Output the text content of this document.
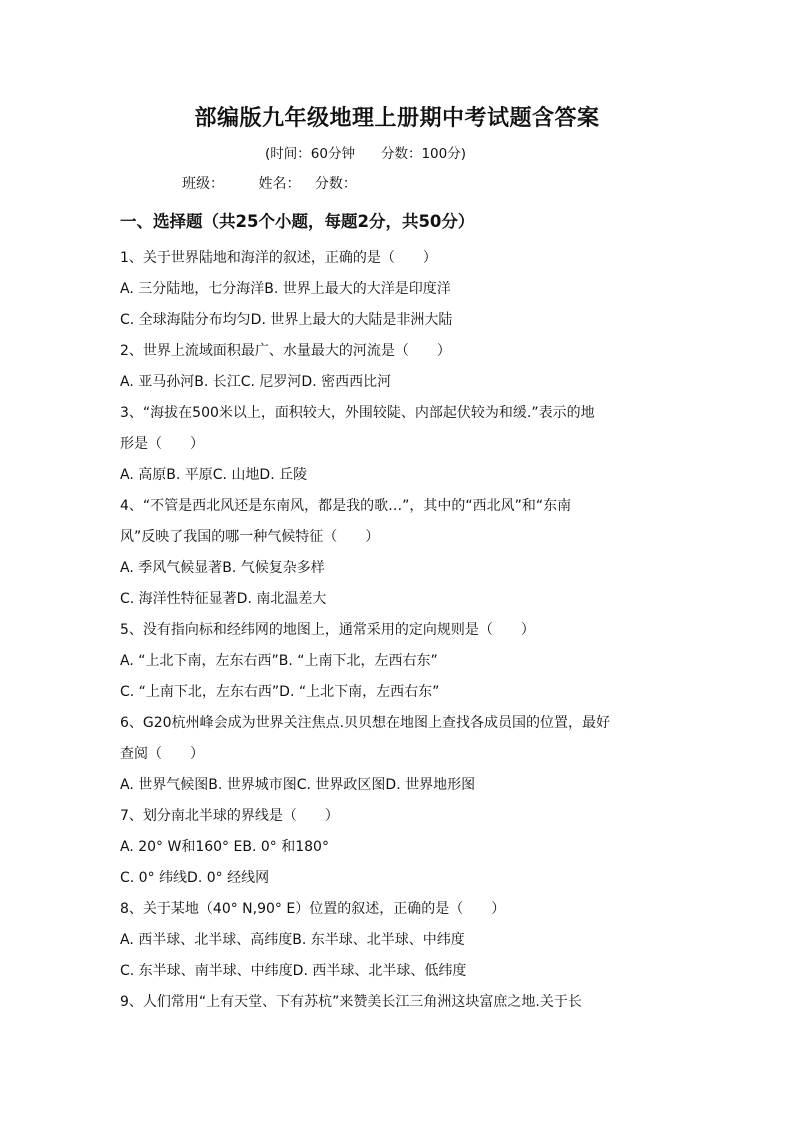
部编版九年级地理上册期中考试题含答案
(时间：60分钟 分数：100分)
班级： 姓名： 分数：
一、选择题（共25个小题，每题2分，共50分）
1、关于世界陆地和海洋的叙述，正确的是（　　）
A. 三分陆地，七分海洋B. 世界上最大的大洋是印度洋
C. 全球海陆分布均匀D. 世界上最大的大陆是非洲大陆
2、世界上流域面积最广、水量最大的河流是（　　）
A. 亚马孙河B. 长江C. 尼罗河D. 密西西比河
3、“海拔在500米以上，面积较大，外围较陡、内部起伏较为和缓.”表示的地
形是（　　）
A. 高原B. 平原C. 山地D. 丘陵
4、“不管是西北风还是东南风，都是我的歌…”，其中的“西北风”和“东南
风”反映了我国的哪一种气候特征（　　）
A. 季风气候显著B. 气候复杂多样
C. 海洋性特征显著D. 南北温差大
5、没有指向标和经纬网的地图上，通常采用的定向规则是（　　）
A. “上北下南，左东右西”B. “上南下北，左西右东”
C. “上南下北，左东右西”D. “上北下南，左西右东”
6、G20杭州峰会成为世界关注焦点.贝贝想在地图上查找各成员国的位置，最好
查阅（　　）
A. 世界气候图B. 世界城市图C. 世界政区图D. 世界地形图
7、划分南北半球的界线是（　　）
A. 20° W和160° EB. 0° 和180°
C. 0° 纬线D. 0° 经线网
8、关于某地（40° N,90° E）位置的叙述，正确的是（　　）
A. 西半球、北半球、高纬度B. 东半球、北半球、中纬度
C. 东半球、南半球、中纬度D. 西半球、北半球、低纬度
9、人们常用“上有天堂、下有苏杭”来赞美长江三角洲这块富庶之地.关于长
